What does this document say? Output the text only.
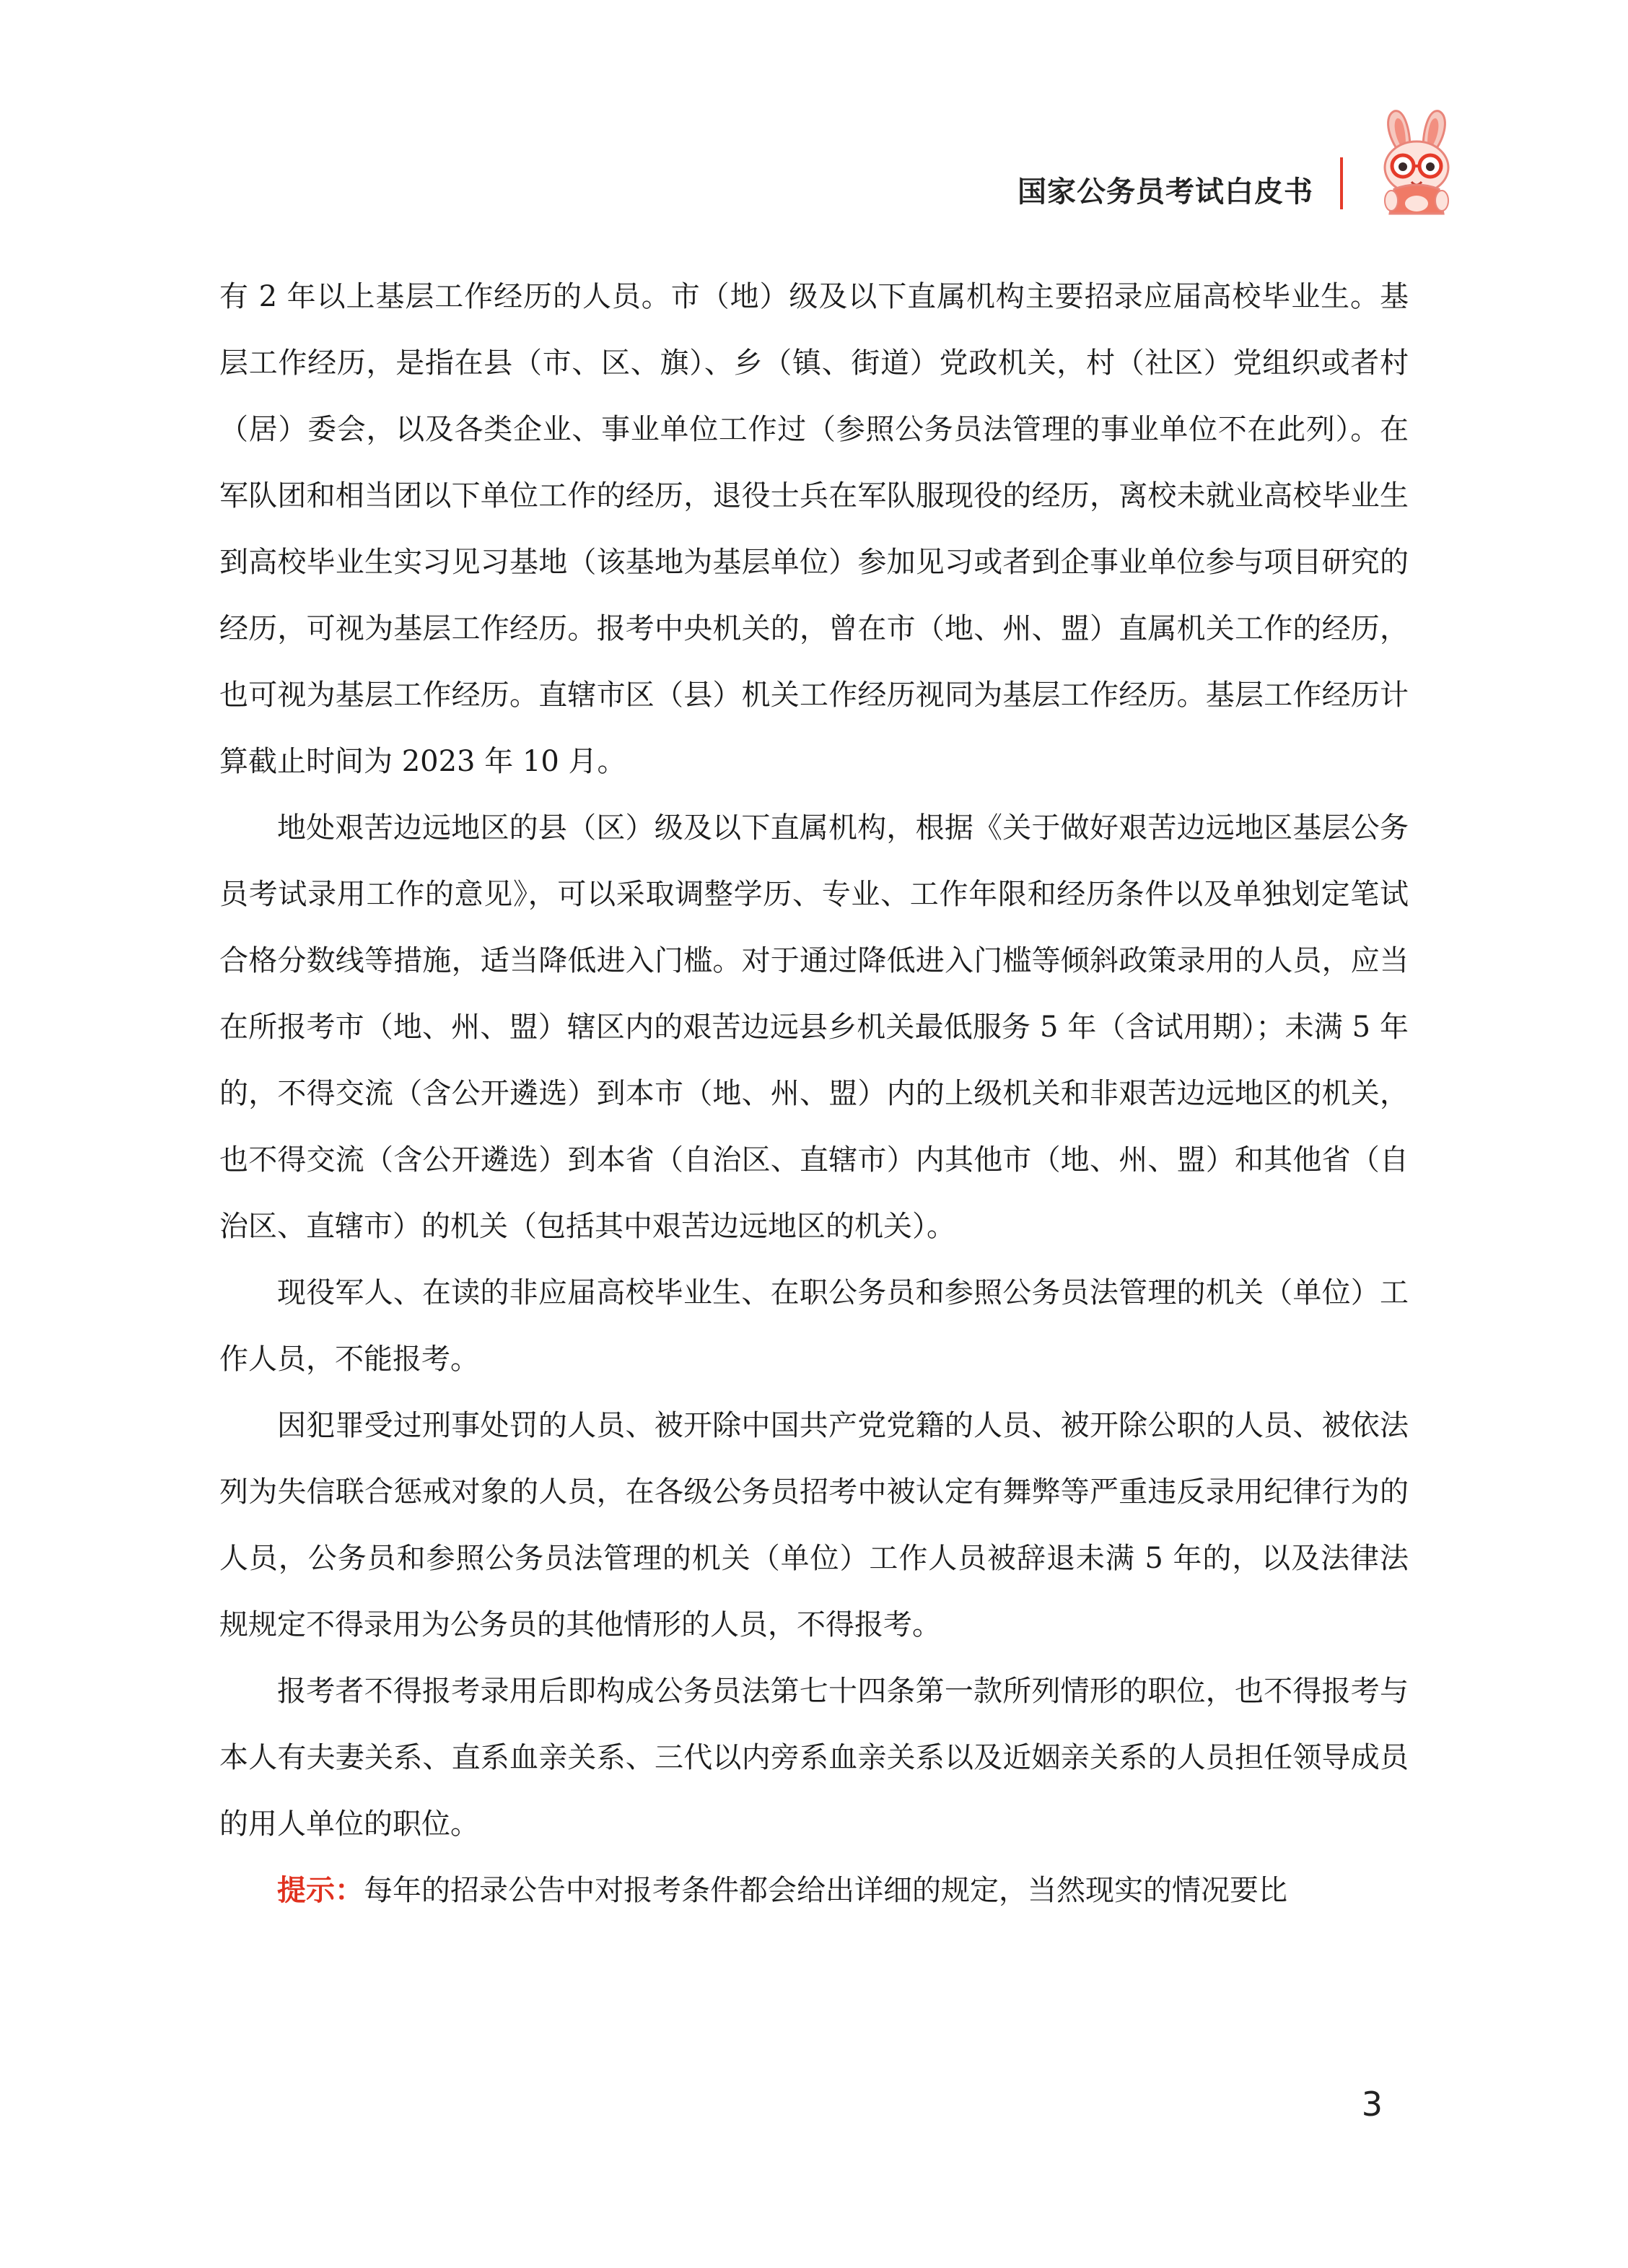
国家公务员考试白皮书

有 2 年以上基层工作经历的人员。市（地）级及以下直属机构主要招录应届高校毕业生。基层工作经历，是指在县（市、区、旗）、乡（镇、街道）党政机关，村（社区）党组织或者村（居）委会，以及各类企业、事业单位工作过（参照公务员法管理的事业单位不在此列）。在军队团和相当团以下单位工作的经历，退役士兵在军队服现役的经历，离校未就业高校毕业生到高校毕业生实习见习基地（该基地为基层单位）参加见习或者到企事业单位参与项目研究的经历，可视为基层工作经历。报考中央机关的，曾在市（地、州、盟）直属机关工作的经历，也可视为基层工作经历。直辖市区（县）机关工作经历视同为基层工作经历。基层工作经历计算截止时间为 2023 年 10 月。

地处艰苦边远地区的县（区）级及以下直属机构，根据《关于做好艰苦边远地区基层公务员考试录用工作的意见》，可以采取调整学历、专业、工作年限和经历条件以及单独划定笔试合格分数线等措施，适当降低进入门槛。对于通过降低进入门槛等倾斜政策录用的人员，应当在所报考市（地、州、盟）辖区内的艰苦边远县乡机关最低服务 5 年（含试用期）；未满 5 年的，不得交流（含公开遴选）到本市（地、州、盟）内的上级机关和非艰苦边远地区的机关，也不得交流（含公开遴选）到本省（自治区、直辖市）内其他市（地、州、盟）和其他省（自治区、直辖市）的机关（包括其中艰苦边远地区的机关）。

现役军人、在读的非应届高校毕业生、在职公务员和参照公务员法管理的机关（单位）工作人员，不能报考。

因犯罪受过刑事处罚的人员、被开除中国共产党党籍的人员、被开除公职的人员、被依法列为失信联合惩戒对象的人员，在各级公务员招考中被认定有舞弊等严重违反录用纪律行为的人员，公务员和参照公务员法管理的机关（单位）工作人员被辞退未满 5 年的，以及法律法规规定不得录用为公务员的其他情形的人员，不得报考。

报考者不得报考录用后即构成公务员法第七十四条第一款所列情形的职位，也不得报考与本人有夫妻关系、直系血亲关系、三代以内旁系血亲关系以及近姻亲关系的人员担任领导成员的用人单位的职位。

提示：每年的招录公告中对报考条件都会给出详细的规定，当然现实的情况要比

3
